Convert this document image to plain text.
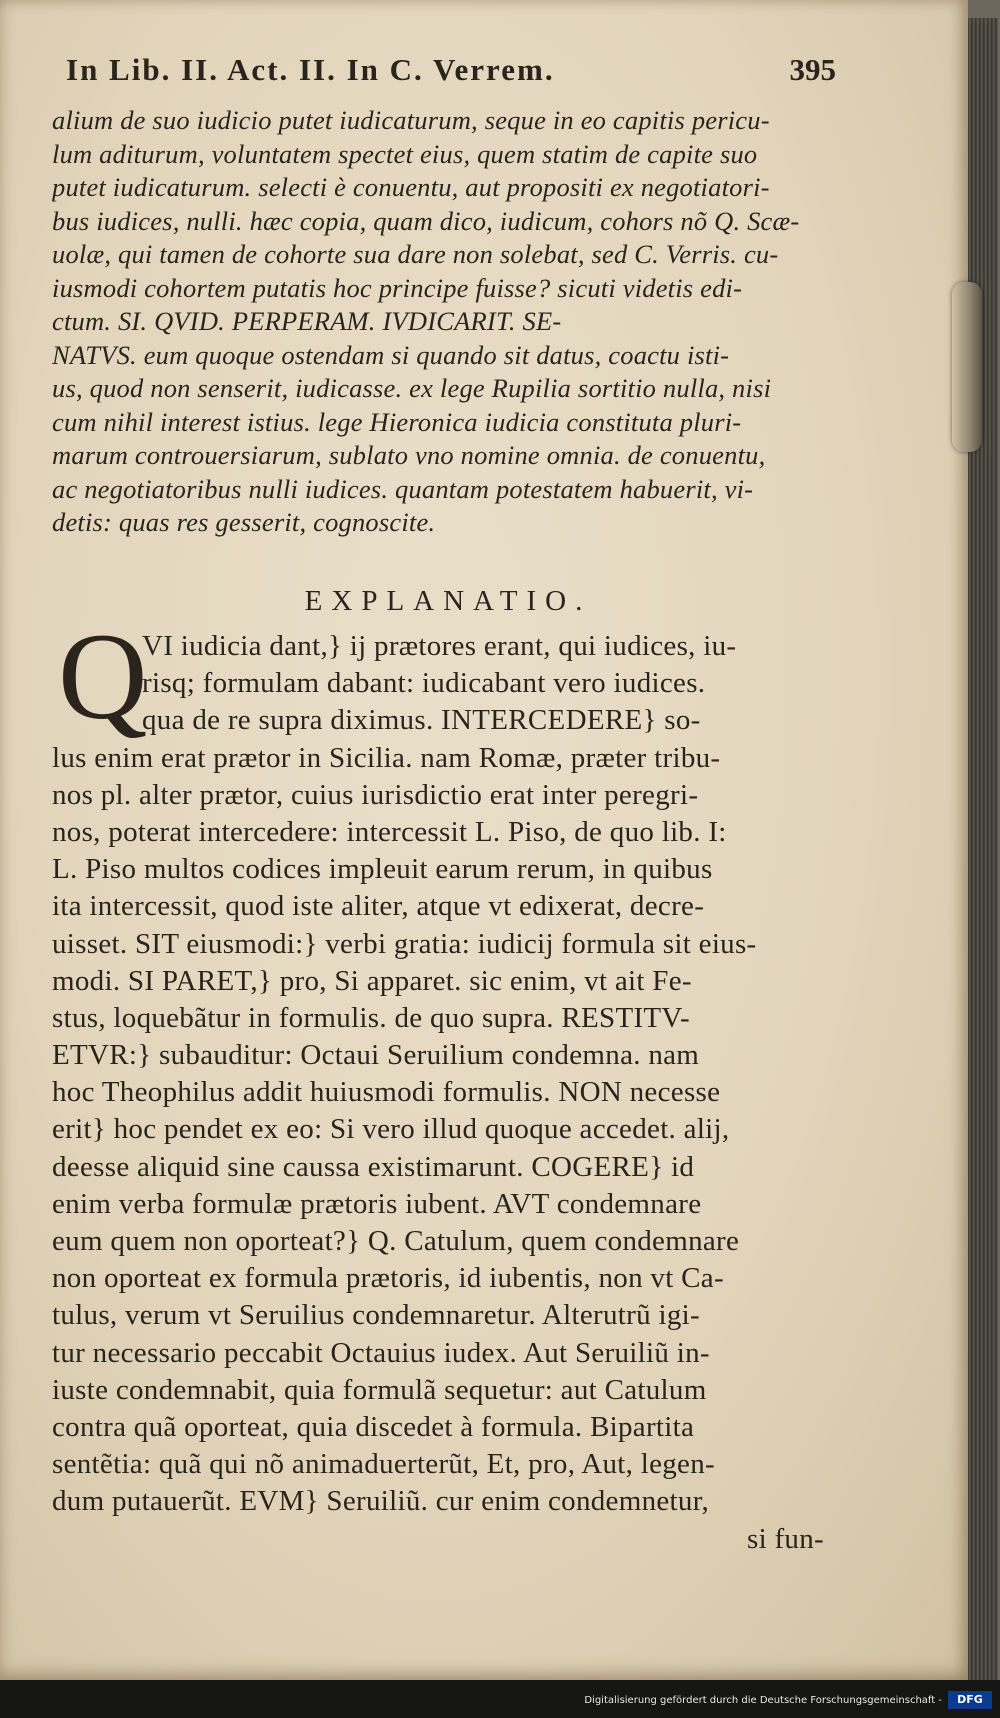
In Lib. II. Act. II. In C. Verrem.	395
alium de suo iudicio putet iudicaturum, seque in eo capitis pericu-
lum aditurum, voluntatem spectet eius, quem statim de capite suo
putet iudicaturum. selecti è conuentu, aut propositi ex negotiatori-
bus iudices, nulli. hæc copia, quam dico, iudicum, cohors nõ Q. Scæ-
uolæ, qui tamen de cohorte sua dare non solebat, sed C. Verris. cu-
iusmodi cohortem putatis hoc principe fuisse? sicuti videtis edi-
ctum. SI. QVID. PERPERAM. IVDICARIT. SE-
NATVS. eum quoque ostendam si quando sit datus, coactu isti-
us, quod non senserit, iudicasse. ex lege Rupilia sortitio nulla, nisi
cum nihil interest istius. lege Hieronica iudicia constituta pluri-
marum controuersiarum, sublato vno nomine omnia. de conuentu,
ac negotiatoribus nulli iudices. quantam potestatem habuerit, vi-
detis: quas res gesserit, cognoscite.
EXPLANATIO.
Q
VI iudicia dant,} ij prætores erant, qui iudices, iu-
risq; formulam dabant: iudicabant vero iudices.
qua de re supra diximus. INTERCEDERE} so-
lus enim erat prætor in Sicilia. nam Romæ, præter tribu-
nos pl. alter prætor, cuius iurisdictio erat inter peregri-
nos, poterat intercedere: intercessit L. Piso, de quo lib. I:
L. Piso multos codices impleuit earum rerum, in quibus
ita intercessit, quod iste aliter, atque vt edixerat, decre-
uisset. SIT eiusmodi:} verbi gratia: iudicij formula sit eius-
modi. SI PARET,} pro, Si apparet. sic enim, vt ait Fe-
stus, loquebãtur in formulis. de quo supra. RESTITV-
ETVR:} subauditur: Octaui Seruilium condemna. nam
hoc Theophilus addit huiusmodi formulis. NON necesse
erit} hoc pendet ex eo: Si vero illud quoque accedet. alij,
deesse aliquid sine caussa existimarunt. COGERE} id
enim verba formulæ prætoris iubent. AVT condemnare
eum quem non oporteat?} Q. Catulum, quem condemnare
non oporteat ex formula prætoris, id iubentis, non vt Ca-
tulus, verum vt Seruilius condemnaretur. Alterutrũ igi-
tur necessario peccabit Octauius iudex. Aut Seruiliũ in-
iuste condemnabit, quia formulã sequetur: aut Catulum
contra quã oporteat, quia discedet à formula. Bipartita
sentẽtia: quã qui nõ animaduerterũt, Et, pro, Aut, legen-
dum putauerũt. EVM} Seruiliũ. cur enim condemnetur,
si fun-
Digitalisierung gefördert durch die Deutsche Forschungsgemeinschaft -	DFG
